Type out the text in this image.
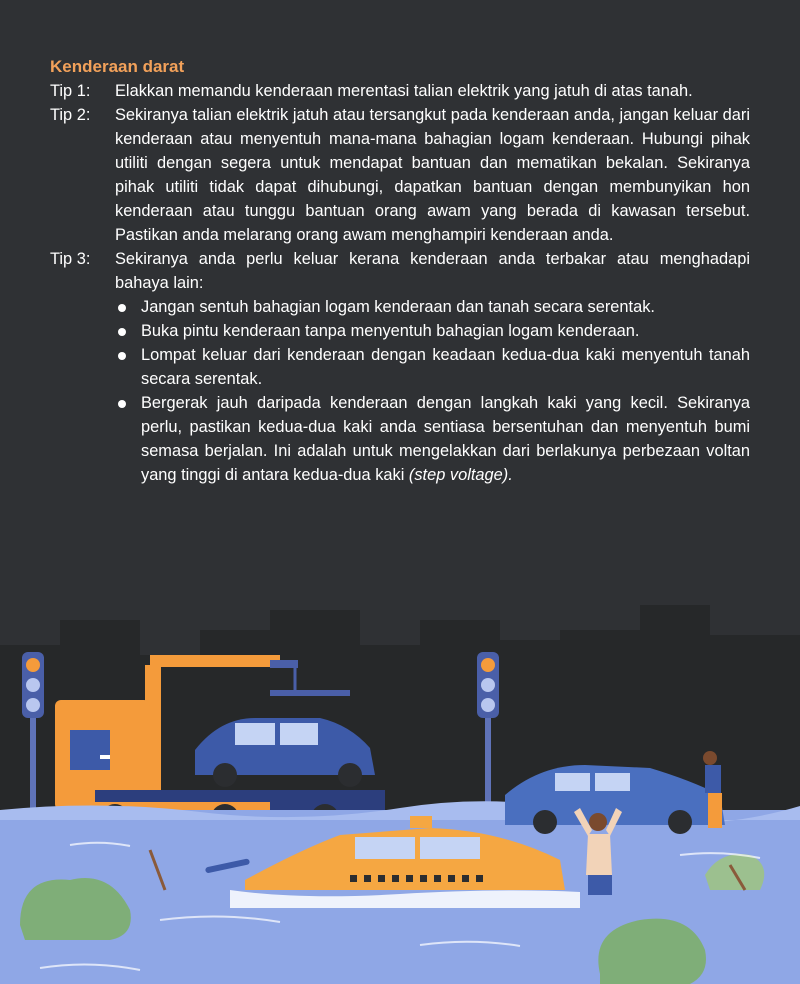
Kenderaan darat
Tip 1:	Elakkan memandu kenderaan merentasi talian elektrik yang jatuh di atas tanah.
Tip 2:	Sekiranya talian elektrik jatuh atau tersangkut pada kenderaan anda, jangan keluar dari kenderaan atau menyentuh mana-mana bahagian logam kenderaan. Hubungi pihak utiliti dengan segera untuk mendapat bantuan dan mematikan bekalan. Sekiranya pihak utiliti tidak dapat dihubungi, dapatkan bantuan dengan membunyikan hon kenderaan atau tunggu bantuan orang awam yang berada di kawasan tersebut. Pastikan anda melarang orang awam menghampiri kenderaan anda.
Tip 3:	Sekiranya anda perlu keluar kerana kenderaan anda terbakar atau menghadapi bahaya lain:
Jangan sentuh bahagian logam kenderaan dan tanah secara serentak.
Buka pintu kenderaan tanpa menyentuh bahagian logam kenderaan.
Lompat keluar dari kenderaan dengan keadaan kedua-dua kaki menyentuh tanah secara serentak.
Bergerak jauh daripada kenderaan dengan langkah kaki yang kecil. Sekiranya perlu, pastikan kedua-dua kaki anda sentiasa bersentuhan dan menyentuh bumi semasa berjalan. Ini adalah untuk mengelakkan dari berlakunya perbezaan voltan yang tinggi di antara kedua-dua kaki (step voltage).
